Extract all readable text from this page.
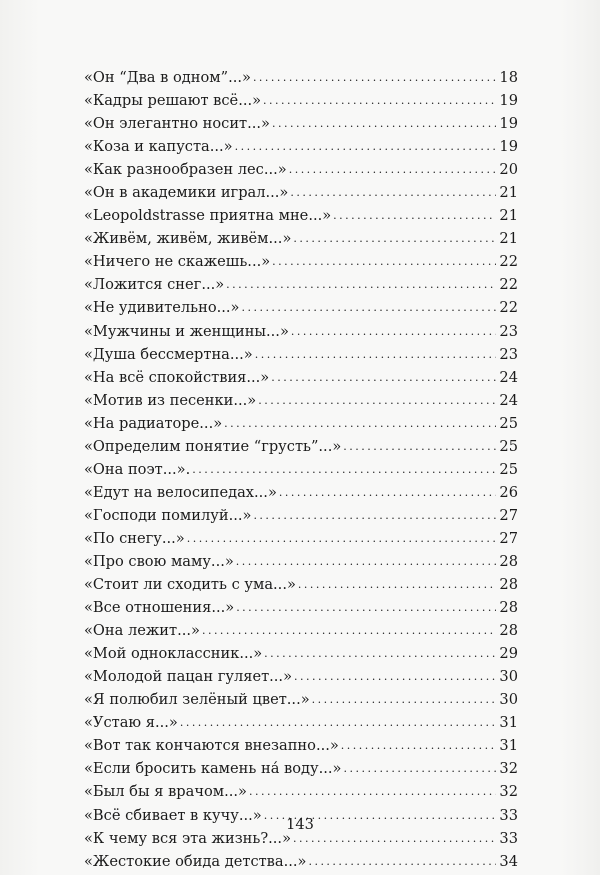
«Он “Два в одном”...» . . .	18
«Кадры решают всё...» . . .	19
«Он элегантно носит...» . . .	19
«Коза и капуста...» . . .	19
«Как разнообразен лес...» . . .	20
«Он в академики играл...» . . .	21
«Leopoldstrasse приятна мне...» . . .	21
«Живём, живём, живём...» . . .	21
«Ничего не скажешь...» . . .	22
«Ложится снег...» . . .	22
«Не удивительно...» . . .	22
«Мужчины и женщины...» . . .	23
«Душа бессмертна...» . . .	23
«На всё спокойствия...» . . .	24
«Мотив из песенки...» . . .	24
«На радиаторе...» . . .	25
«Определим понятие “грусть”...» . . .	25
«Она поэт...». . . .	25
«Едут на велосипедах...» . . .	26
«Господи помилуй...» . . .	27
«По снегу...» . . .	27
«Про свою маму...» . . .	28
«Стоит ли сходить с ума...» . . .	28
«Все отношения...» . . .	28
«Она лежит...» . . .	28
«Мой одноклассник...» . . .	29
«Молодой пацан гуляет...» . . .	30
«Я полюбил зелёный цвет...» . . .	30
«Устаю я...» . . .	31
«Вот так кончаются внезапно...» . . .	31
«Если бросить камень на́ воду...» . . .	32
«Был бы я врачом...» . . .	32
«Всё сбивает в кучу...» . . .	33
«К чему вся эта жизнь?...» . . .	33
«Жестокие обида детства...» . . .	34
143
